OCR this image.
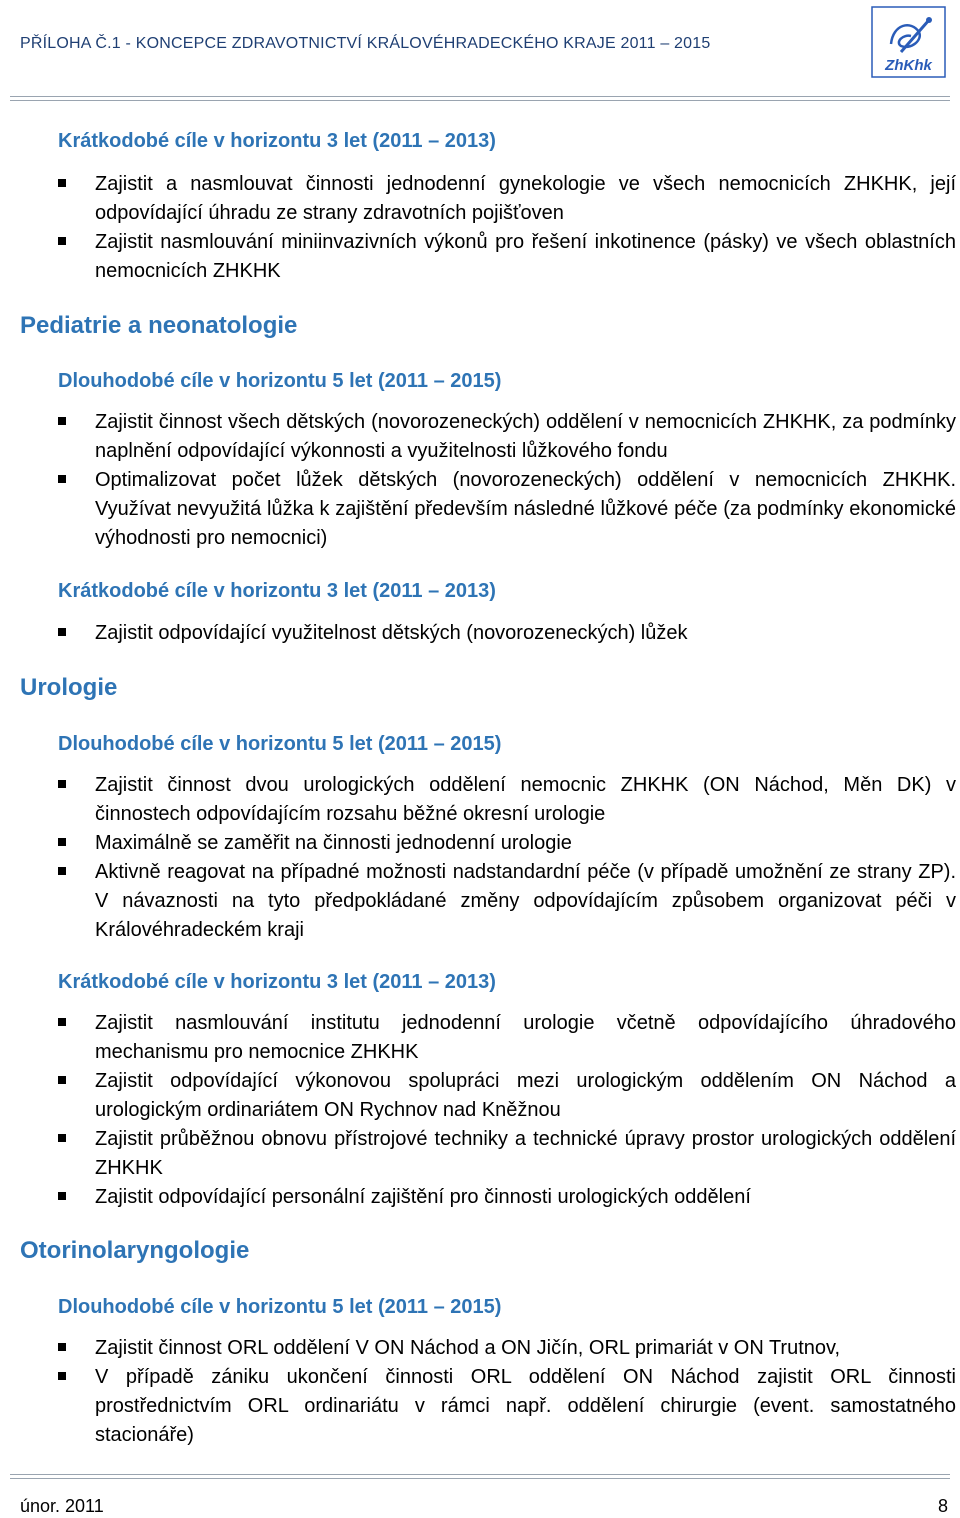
PŘÍLOHA Č.1 - KONCEPCE ZDRAVOTNICTVÍ KRÁLOVÉHRADECKÉHO KRAJE 2011 – 2015
ZhKhk
Krátkodobé cíle v horizontu 3 let (2011 – 2013)
Zajistit a nasmlouvat činnosti jednodenní gynekologie ve všech nemocnicích ZHKHK, její odpovídající úhradu ze strany zdravotních pojišťoven
Zajistit nasmlouvání miniinvazivních výkonů pro řešení inkotinence (pásky) ve všech oblastních nemocnicích ZHKHK
Pediatrie a neonatologie
Dlouhodobé cíle v horizontu 5 let (2011 – 2015)
Zajistit činnost všech dětských (novorozeneckých) oddělení v nemocnicích ZHKHK, za podmínky naplnění odpovídající výkonnosti a využitelnosti lůžkového fondu
Optimalizovat počet lůžek dětských (novorozeneckých) oddělení v nemocnicích ZHKHK. Využívat nevyužitá lůžka k zajištění především následné lůžkové péče (za podmínky ekonomické výhodnosti pro nemocnici)
Krátkodobé cíle v horizontu 3 let (2011 – 2013)
Zajistit odpovídající využitelnost dětských (novorozeneckých) lůžek
Urologie
Dlouhodobé cíle v horizontu 5 let (2011 – 2015)
Zajistit činnost dvou urologických oddělení nemocnic ZHKHK (ON Náchod, Měn DK) v činnostech odpovídajícím rozsahu běžné okresní urologie
Maximálně se zaměřit na činnosti jednodenní urologie
Aktivně reagovat na případné možnosti nadstandardní péče (v případě umožnění ze strany ZP). V návaznosti na tyto předpokládané změny odpovídajícím způsobem organizovat péči v Královéhradeckém kraji
Krátkodobé cíle v horizontu 3 let (2011 – 2013)
Zajistit nasmlouvání institutu jednodenní urologie včetně odpovídajícího úhradového mechanismu pro nemocnice ZHKHK
Zajistit odpovídající výkonovou spolupráci mezi urologickým oddělením ON Náchod a urologickým ordinariátem ON Rychnov nad Kněžnou
Zajistit průběžnou obnovu přístrojové techniky a technické úpravy prostor urologických oddělení ZHKHK
Zajistit odpovídající personální zajištění pro činnosti urologických oddělení
Otorinolaryngologie
Dlouhodobé cíle v horizontu 5 let (2011 – 2015)
Zajistit činnost ORL oddělení V ON Náchod a ON Jičín, ORL primariát v ON Trutnov,
V případě zániku ukončení činnosti ORL oddělení ON Náchod zajistit ORL činnosti prostřednictvím ORL ordinariátu v rámci např. oddělení chirurgie (event. samostatného stacionáře)
únor. 2011	8
